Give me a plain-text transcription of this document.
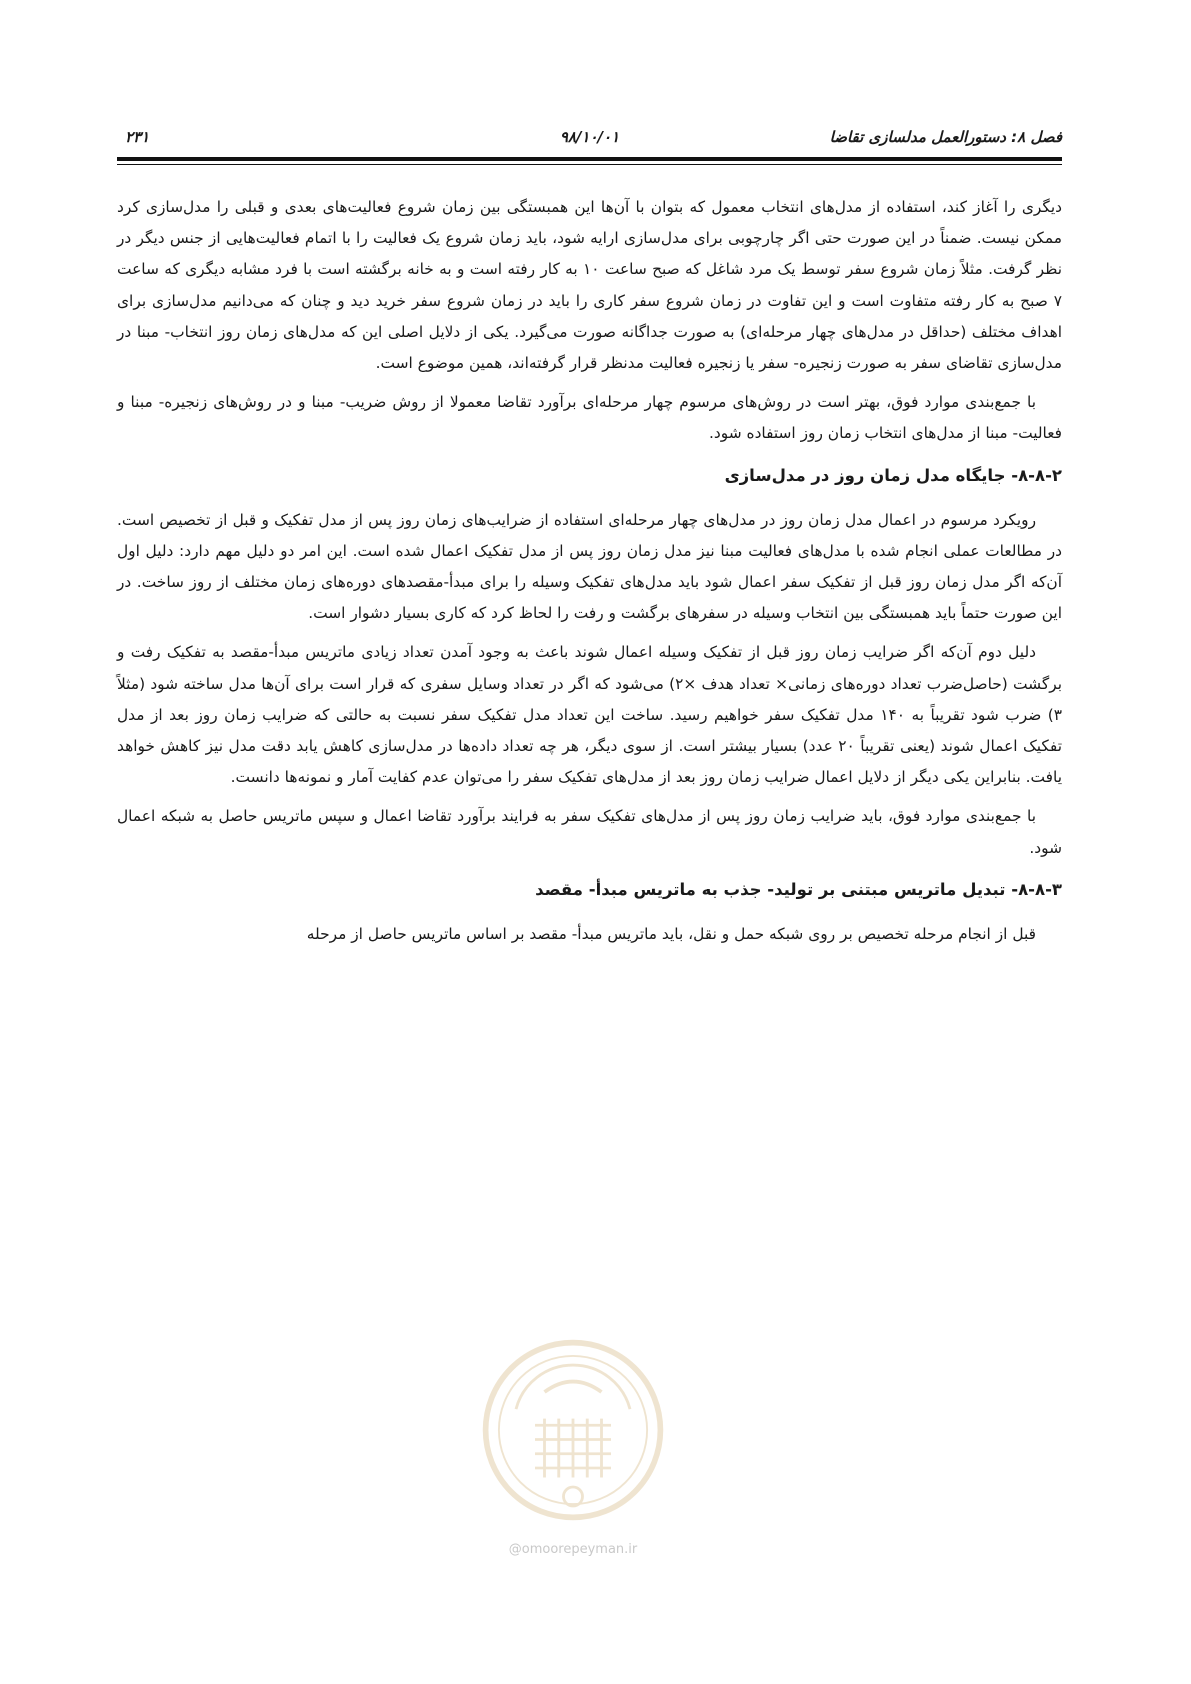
فصل ۸: دستورالعمل مدلسازی تقاضا
۹۸/۱۰/۰۱
۲۳۱

دیگری را آغاز کند، استفاده از مدل‌های انتخاب معمول که بتوان با آن‌ها این همبستگی بین زمان شروع فعالیت‌های بعدی و قبلی را مدل‌سازی کرد ممکن نیست. ضمناً در این صورت حتی اگر چارچوبی برای مدل‌سازی ارایه شود، باید زمان شروع یک فعالیت را با اتمام فعالیت‌هایی از جنس دیگر در نظر گرفت. مثلاً زمان شروع سفر توسط یک مرد شاغل که صبح ساعت ۱۰ به کار رفته است و به خانه برگشته است با فرد مشابه دیگری که ساعت ۷ صبح به کار رفته متفاوت است و این تفاوت در زمان شروع سفر کاری را باید در زمان شروع سفر خرید دید و چنان که می‌دانیم مدل‌سازی برای اهداف مختلف (حداقل در مدل‌های چهار مرحله‌ای) به صورت جداگانه صورت می‌گیرد. یکی از دلایل اصلی این که مدل‌های زمان روز انتخاب- مبنا در مدل‌سازی تقاضای سفر به صورت زنجیره- سفر یا زنجیره فعالیت مدنظر قرار گرفته‌اند، همین موضوع است.

با جمع‌بندی موارد فوق، بهتر است در روش‌های مرسوم چهار مرحله‌ای برآورد تقاضا معمولا از روش ضریب- مبنا و در روش‌های زنجیره- مبنا و فعالیت- مبنا از مدل‌های انتخاب زمان روز استفاده شود.

۸-۸-۲- جایگاه مدل زمان روز در مدل‌سازی

رویکرد مرسوم در اعمال مدل زمان روز در مدل‌های چهار مرحله‌ای استفاده از ضرایب‌های زمان روز پس از مدل تفکیک و قبل از تخصیص است. در مطالعات عملی انجام شده با مدل‌های فعالیت مبنا نیز مدل زمان روز پس از مدل تفکیک اعمال شده است. این امر دو دلیل مهم دارد: دلیل اول آن‌که اگر مدل زمان روز قبل از تفکیک سفر اعمال شود باید مدل‌های تفکیک وسیله را برای مبدأ-مقصدهای دوره‌های زمان مختلف از روز ساخت. در این صورت حتماً باید همبستگی بین انتخاب وسیله در سفرهای برگشت و رفت را لحاظ کرد که کاری بسیار دشوار است.

دلیل دوم آن‌که اگر ضرایب زمان روز قبل از تفکیک وسیله اعمال شوند باعث به وجود آمدن تعداد زیادی ماتریس مبدأ-مقصد به تفکیک رفت و برگشت (حاصل‌ضرب تعداد دوره‌های زمانی× تعداد هدف ×۲) می‌شود که اگر در تعداد وسایل سفری که قرار است برای آن‌ها مدل ساخته شود (مثلاً ۳) ضرب شود تقریباً به ۱۴۰ مدل تفکیک سفر خواهیم رسید. ساخت این تعداد مدل تفکیک سفر نسبت به حالتی که ضرایب زمان روز بعد از مدل تفکیک اعمال شوند (یعنی تقریباً ۲۰ عدد) بسیار بیشتر است. از سوی دیگر، هر چه تعداد داده‌ها در مدل‌سازی کاهش یابد دقت مدل نیز کاهش خواهد یافت. بنابراین یکی دیگر از دلایل اعمال ضرایب زمان روز بعد از مدل‌های تفکیک سفر را می‌توان عدم کفایت آمار و نمونه‌ها دانست.

با جمع‌بندی موارد فوق، باید ضرایب زمان روز پس از مدل‌های تفکیک سفر به فرایند برآورد تقاضا اعمال و سپس ماتریس حاصل به شبکه اعمال شود.

۸-۸-۳- تبدیل ماتریس مبتنی بر تولید- جذب به ماتریس مبدأ- مقصد

قبل از انجام مرحله تخصیص بر روی شبکه حمل و نقل، باید ماتریس مبدأ- مقصد بر اساس ماتریس حاصل از مرحله

@omoorepeyman.ir
